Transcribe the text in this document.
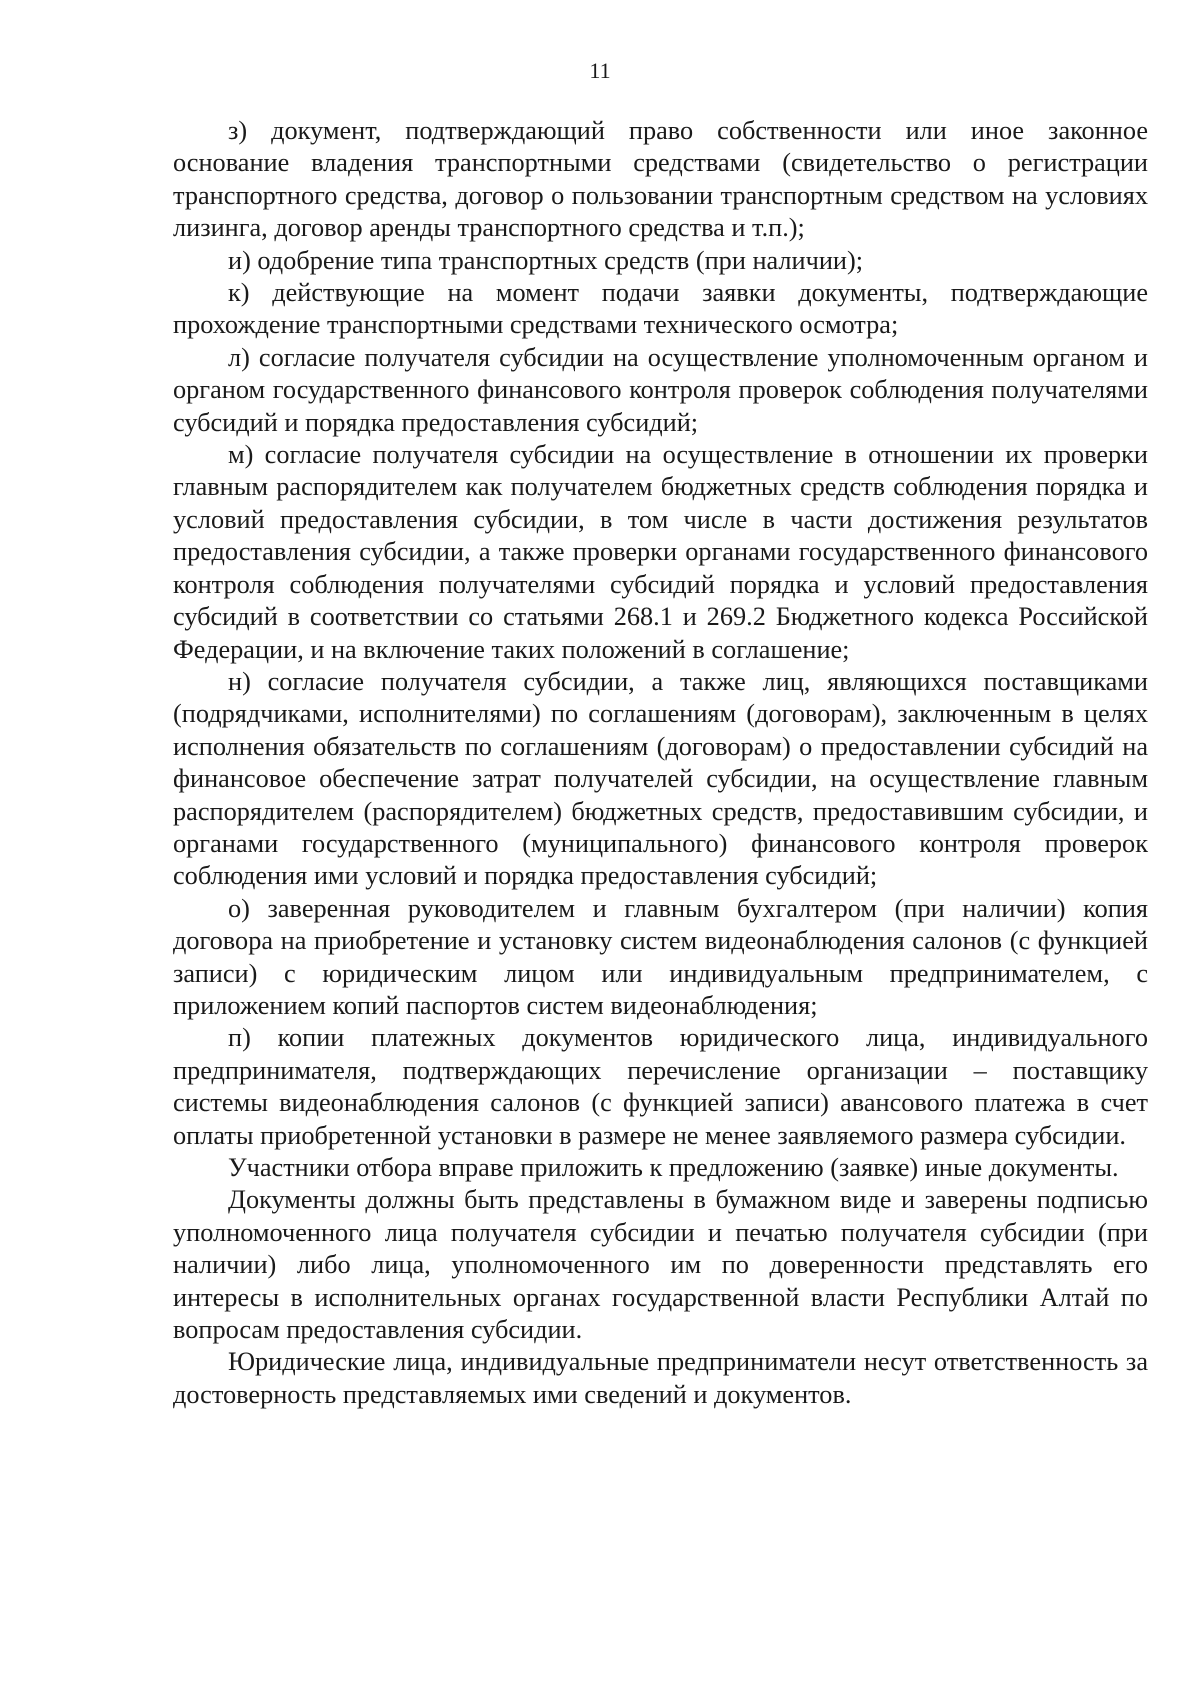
11

з) документ, подтверждающий право собственности или иное законное основание владения транспортными средствами (свидетельство о регистрации транспортного средства, договор о пользовании транспортным средством на условиях лизинга, договор аренды транспортного средства и т.п.);

и) одобрение типа транспортных средств (при наличии);

к) действующие на момент подачи заявки документы, подтверждающие прохождение транспортными средствами технического осмотра;

л) согласие получателя субсидии на осуществление уполномоченным органом и органом государственного финансового контроля проверок соблюдения получателями субсидий и порядка предоставления субсидий;

м) согласие получателя субсидии на осуществление в отношении их проверки главным распорядителем как получателем бюджетных средств соблюдения порядка и условий предоставления субсидии, в том числе в части достижения результатов предоставления субсидии, а также проверки органами государственного финансового контроля соблюдения получателями субсидий порядка и условий предоставления субсидий в соответствии со статьями 268.1 и 269.2 Бюджетного кодекса Российской Федерации, и на включение таких положений в соглашение;

н) согласие получателя субсидии, а также лиц, являющихся поставщиками (подрядчиками, исполнителями) по соглашениям (договорам), заключенным в целях исполнения обязательств по соглашениям (договорам) о предоставлении субсидий на финансовое обеспечение затрат получателей субсидии, на осуществление главным распорядителем (распорядителем) бюджетных средств, предоставившим субсидии, и органами государственного (муниципального) финансового контроля проверок соблюдения ими условий и порядка предоставления субсидий;

о) заверенная руководителем и главным бухгалтером (при наличии) копия договора на приобретение и установку систем видеонаблюдения салонов (с функцией записи) с юридическим лицом или индивидуальным предпринимателем, с приложением копий паспортов систем видеонаблюдения;

п) копии платежных документов юридического лица, индивидуального предпринимателя, подтверждающих перечисление организации – поставщику системы видеонаблюдения салонов (с функцией записи) авансового платежа в счет оплаты приобретенной установки в размере не менее заявляемого размера субсидии.

Участники отбора вправе приложить к предложению (заявке) иные документы.

Документы должны быть представлены в бумажном виде и заверены подписью уполномоченного лица получателя субсидии и печатью получателя субсидии (при наличии) либо лица, уполномоченного им по доверенности представлять его интересы в исполнительных органах государственной власти Республики Алтай по вопросам предоставления субсидии.

Юридические лица, индивидуальные предприниматели несут ответственность за достоверность представляемых ими сведений и документов.
